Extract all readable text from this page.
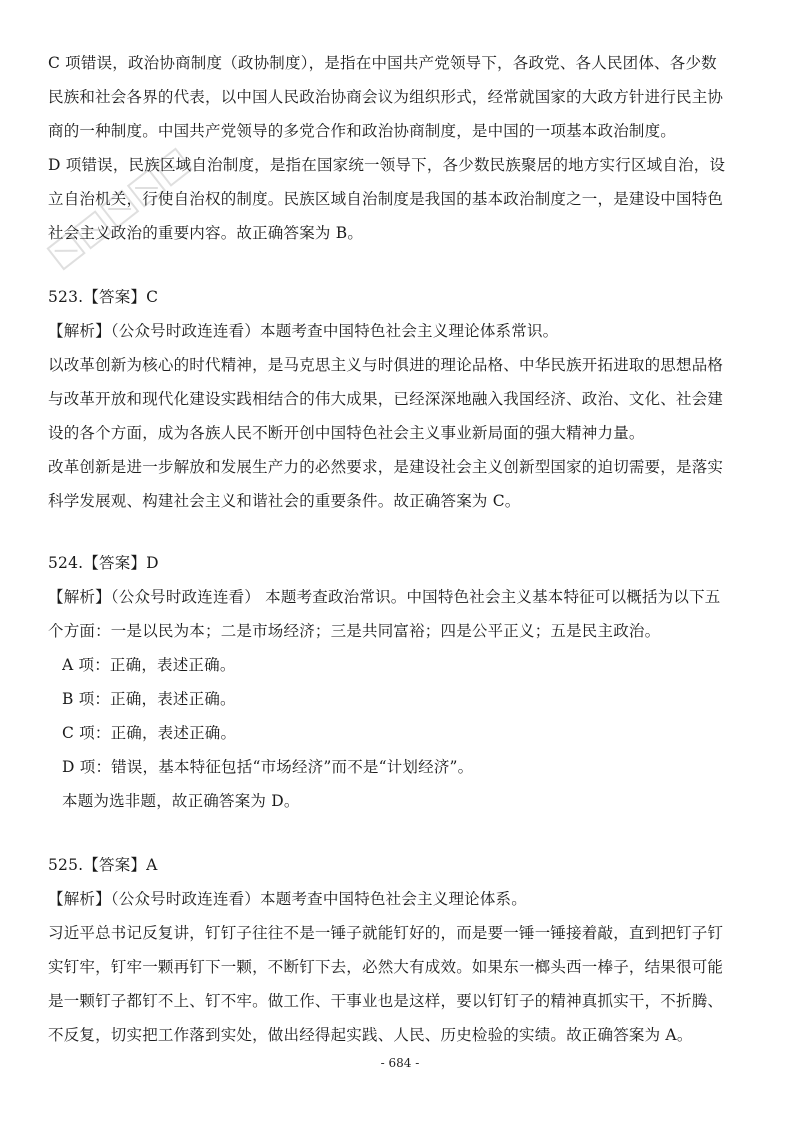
C 项错误，政治协商制度（政协制度），是指在中国共产党领导下，各政党、各人民团体、各少数
民族和社会各界的代表，以中国人民政治协商会议为组织形式，经常就国家的大政方针进行民主协
商的一种制度。中国共产党领导的多党合作和政治协商制度，是中国的一项基本政治制度。
D 项错误，民族区域自治制度，是指在国家统一领导下，各少数民族聚居的地方实行区域自治，设
立自治机关，行使自治权的制度。民族区域自治制度是我国的基本政治制度之一，是建设中国特色
社会主义政治的重要内容。故正确答案为 B。
523.【答案】C
【解析】（公众号时政连连看）本题考查中国特色社会主义理论体系常识。
以改革创新为核心的时代精神，是马克思主义与时俱进的理论品格、中华民族开拓进取的思想品格
与改革开放和现代化建设实践相结合的伟大成果，已经深深地融入我国经济、政治、文化、社会建
设的各个方面，成为各族人民不断开创中国特色社会主义事业新局面的强大精神力量。
改革创新是进一步解放和发展生产力的必然要求，是建设社会主义创新型国家的迫切需要，是落实
科学发展观、构建社会主义和谐社会的重要条件。故正确答案为 C。
524.【答案】D
【解析】（公众号时政连连看） 本题考查政治常识。中国特色社会主义基本特征可以概括为以下五
个方面：一是以民为本；二是市场经济；三是共同富裕；四是公平正义；五是民主政治。
A 项：正确，表述正确。
B 项：正确，表述正确。
C 项：正确，表述正确。
D 项：错误，基本特征包括“市场经济”而不是“计划经济”。
本题为选非题，故正确答案为 D。
525.【答案】A
【解析】（公众号时政连连看）本题考查中国特色社会主义理论体系。
习近平总书记反复讲，钉钉子往往不是一锤子就能钉好的，而是要一锤一锤接着敲，直到把钉子钉
实钉牢，钉牢一颗再钉下一颗，不断钉下去，必然大有成效。如果东一榔头西一棒子，结果很可能
是一颗钉子都钉不上、钉不牢。做工作、干事业也是这样，要以钉钉子的精神真抓实干，不折腾、
不反复，切实把工作落到实处，做出经得起实践、人民、历史检验的实绩。故正确答案为 A。
- 684 -
